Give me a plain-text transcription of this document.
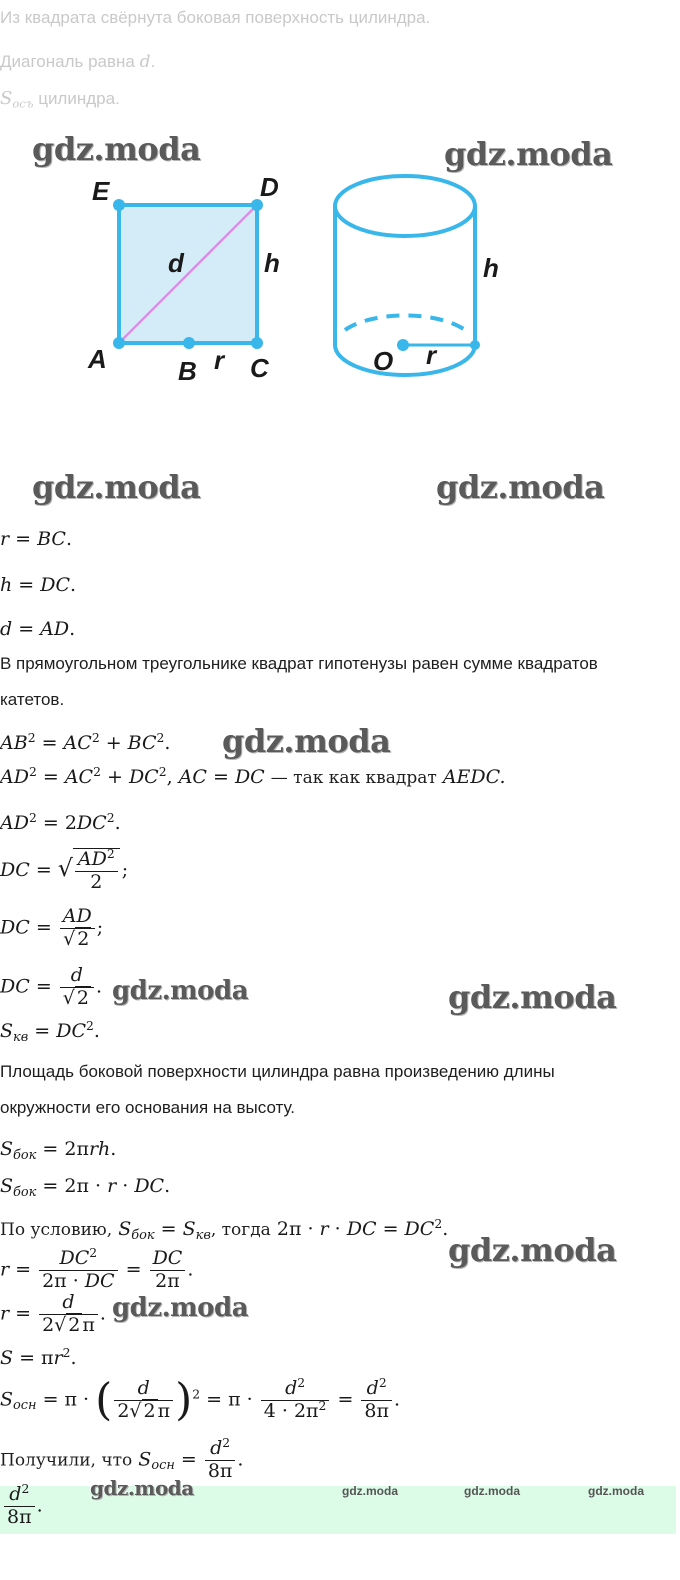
Из квадрата свёрнута боковая поверхность цилиндра.
Диагональ равна d.
$S_{осъ}$ цилиндра.
E	D
A	B C
d	h
r
h
O r
gdz.moda	gdz.moda
gdz.moda	gdz.moda
gdz.moda
gdz.moda	gdz.moda
gdz.moda
gdz.moda
r = BC.
h = DC.
d = AD.
В прямоугольном треугольнике квадрат гипотенузы равен сумме квадратов
катетов.
$AB^2 = AC^2 + BC^2$.
$AD^2 = AC^2 + DC^2$, AC = DC — так как квадрат AEDC.
$AD^2 = 2DC^2$.
DC = √ $\frac{AD^2}{2}$ ;
DC = $\frac{AD}{√ 2}$ ;
DC = $\frac{d}{√ 2}$ .
$S_{кв} = DC^2$.
Площадь боковой поверхности цилиндра равна произведению длины
окружности его основания на высоту.
$S_{бок} = 2\pi rh$.
$S_{бок} = 2\pi \cdot r$ · DC.
По условию, $S_{бок} = S_{кв}$, тогда 2π · r · DC = $DC^2$.
$r = \frac{DC^2}{2\pi \cdot DC} = \frac{DC}{2\pi}$ .
$r = \frac{d}{2√ 2 \pi}$ .
$S = \pi r^2$.
$S_{осн} = \pi$ · ( $\frac{d}{2√ 2 \pi} )^2 = \pi \cdot \frac{d^2}{4 \cdot 2\pi^2} = \frac{d^2}{8\pi}$ .
Получили, что $S_{осн} = \frac{d^2}{8\pi}$ .
$\frac{d^2}{8\pi}$ .
gdz.moda	gdz.moda	gdz.moda	gdz.moda
